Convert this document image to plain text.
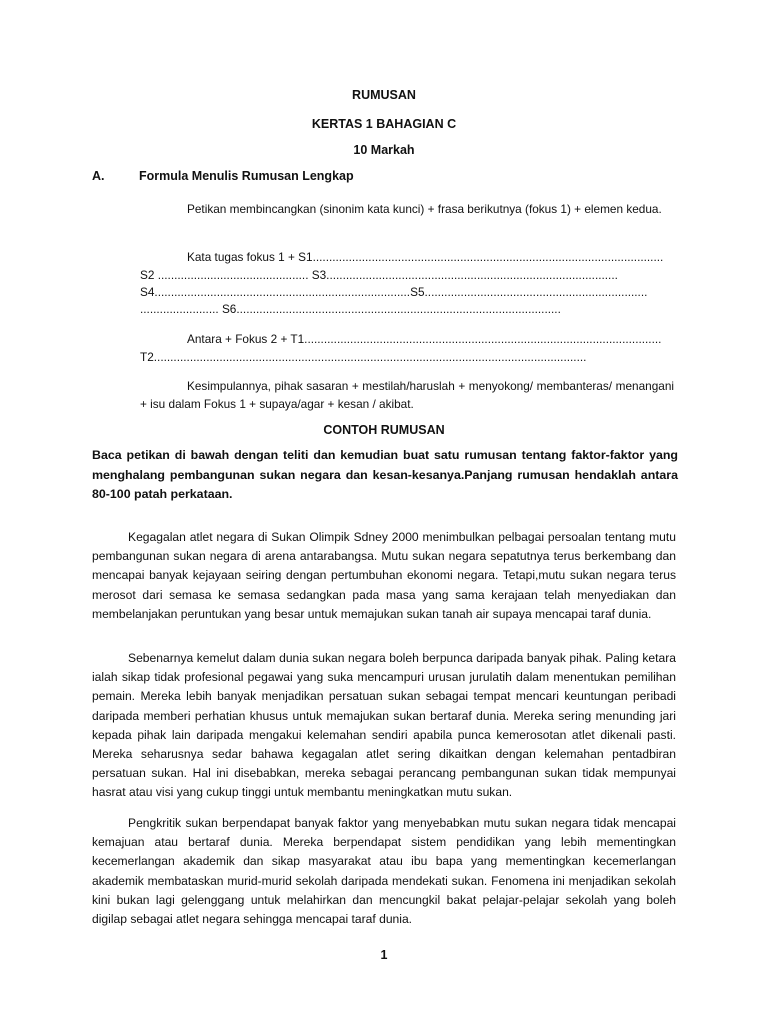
RUMUSAN
KERTAS 1 BAHAGIAN C
10 Markah
A.	Formula Menulis Rumusan Lengkap
Petikan membincangkan (sinonim kata kunci) + frasa berikutnya (fokus 1) + elemen kedua.
Kata tugas fokus 1 + S1...........................................................................................................
S2 .............................................. S3.........................................................................................
S4..............................................................................S5....................................................................
........................ S6...................................................................................................
Antara + Fokus 2 + T1.............................................................................................................
T2....................................................................................................................................
Kesimpulannya, pihak sasaran + mestilah/haruslah + menyokong/ membanteras/ menangani + isu dalam Fokus 1 + supaya/agar + kesan / akibat.
CONTOH RUMUSAN
Baca petikan di bawah dengan teliti dan kemudian buat satu rumusan tentang faktor-faktor yang menghalang pembangunan sukan negara dan kesan-kesanya.Panjang rumusan hendaklah antara 80-100 patah perkataan.
Kegagalan atlet negara di Sukan Olimpik Sdney 2000 menimbulkan pelbagai persoalan tentang mutu pembangunan sukan negara di arena antarabangsa. Mutu sukan negara sepatutnya terus berkembang dan mencapai banyak kejayaan seiring dengan pertumbuhan ekonomi negara. Tetapi,mutu sukan negara terus merosot dari semasa ke semasa sedangkan pada masa yang sama kerajaan telah menyediakan dan membelanjakan peruntukan yang besar untuk memajukan sukan tanah air supaya mencapai taraf dunia.
Sebenarnya kemelut dalam dunia sukan negara boleh berpunca daripada banyak pihak. Paling ketara ialah sikap tidak profesional pegawai yang suka mencampuri urusan jurulatih dalam menentukan pemilihan pemain. Mereka lebih banyak menjadikan persatuan sukan sebagai tempat mencari keuntungan peribadi daripada memberi perhatian khusus untuk memajukan sukan bertaraf dunia. Mereka sering menunding jari kepada pihak lain daripada mengakui kelemahan sendiri apabila punca kemerosotan atlet dikenali pasti. Mereka seharusnya sedar bahawa kegagalan atlet sering dikaitkan dengan kelemahan pentadbiran persatuan sukan. Hal ini disebabkan, mereka sebagai perancang pembangunan sukan tidak mempunyai hasrat atau visi yang cukup tinggi untuk membantu meningkatkan mutu sukan.
Pengkritik sukan berpendapat banyak faktor yang menyebabkan mutu sukan negara tidak mencapai kemajuan atau bertaraf dunia. Mereka berpendapat sistem pendidikan yang lebih mementingkan kecemerlangan akademik dan sikap masyarakat atau ibu bapa yang mementingkan kecemerlangan akademik membataskan murid-murid sekolah daripada mendekati sukan. Fenomena ini menjadikan sekolah kini bukan lagi gelenggang untuk melahirkan dan mencungkil bakat pelajar-pelajar sekolah yang boleh digilap sebagai atlet negara sehingga mencapai taraf dunia.
1
